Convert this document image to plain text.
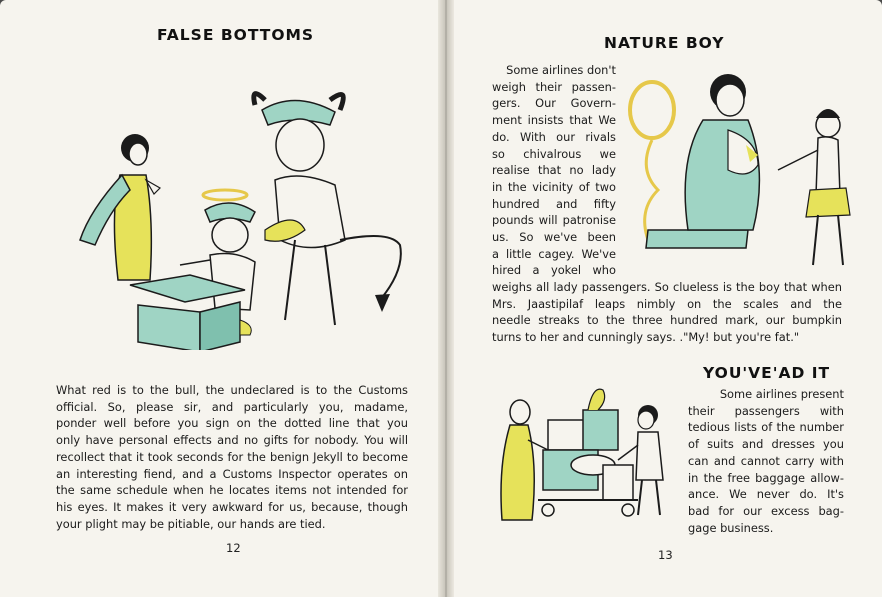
FALSE BOTTOMS
What red is to the bull, the undeclared is to the Customs
official. So, please sir, and particularly you, madame,
ponder well before you sign on the dotted line that you
only have personal effects and no gifts for nobody. You will
recollect that it took seconds for the benign Jekyll to become
an interesting fiend, and a Customs Inspector operates on
the same schedule when he locates items not intended for
his eyes. It makes it very awkward for us, because, though
your plight may be pitiable, our hands are tied.
12
NATURE BOY
Some airlines don't
weigh their passen-
gers. Our Govern-
ment insists that We
do. With our rivals
so chivalrous we
realise that no lady
in the vicinity of two
hundred and fifty
pounds will patronise
us. So we've been
a little cagey. We've
hired a yokel who
weighs all lady passengers. So clueless is the boy that when
Mrs. Jaastipilaf leaps nimbly on the scales and the
needle streaks to the three hundred mark, our bumpkin
turns to her and cunningly says. ."My! but you're fat."
YOU'VE'AD IT
Some airlines present
their passengers with
tedious lists of the number
of suits and dresses you
can and cannot carry with
in the free baggage allow-
ance. We never do. It's
bad for our excess bag-
gage business.
13
